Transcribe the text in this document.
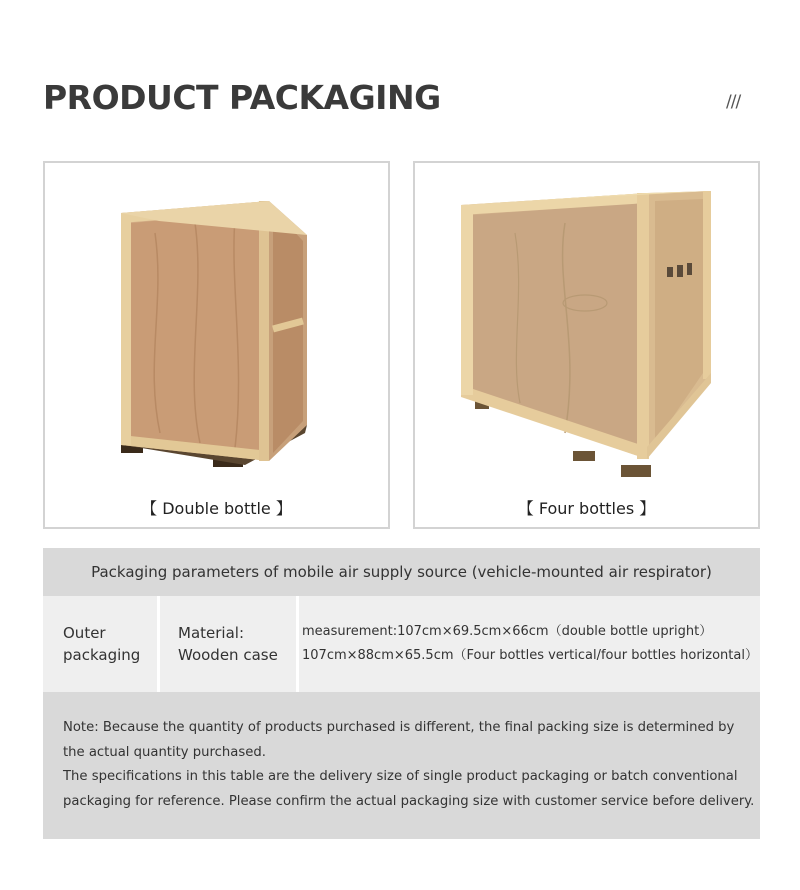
PRODUCT PACKAGING	///
【 Double bottle 】	【 Four bottles 】
Packaging parameters of mobile air supply source (vehicle-mounted air respirator)
Outer
packaging
Material:
Wooden case
measurement:107cm×69.5cm×66cm（double bottle upright）
107cm×88cm×65.5cm（Four bottles vertical/four bottles horizontal）

Note: Because the quantity of products purchased is different, the final packing size is determined by

the actual quantity purchased.

The specifications in this table are the delivery size of single product packaging or batch conventional

packaging for reference. Please confirm the actual packaging size with customer service before delivery.
